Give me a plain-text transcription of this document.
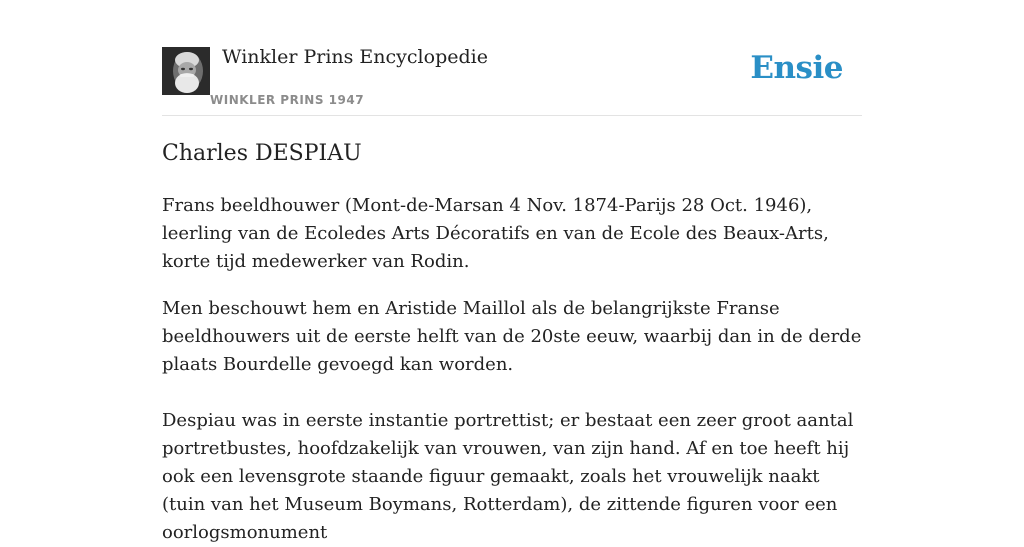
Winkler Prins Encyclopedie
WINKLER PRINS 1947
Ensie
Charles DESPIAU

Frans beeldhouwer (Mont-de-Marsan 4 Nov. 1874-Parijs 28 Oct. 1946), leerling van de Ecoledes Arts Décoratifs en van de Ecole des Beaux-Arts, korte tijd medewerker van Rodin.

Men beschouwt hem en Aristide Maillol als de belangrijkste Franse beeldhouwers uit de eerste helft van de 20ste eeuw, waarbij dan in de derde plaats Bourdelle gevoegd kan worden.

Despiau was in eerste instantie portrettist; er bestaat een zeer groot aantal portretbustes, hoofdzakelijk van vrouwen, van zijn hand. Af en toe heeft hij ook een levensgrote staande figuur gemaakt, zoals het vrouwelijk naakt (tuin van het Museum Boymans, Rotterdam), de zittende figuren voor een oorlogsmonument
